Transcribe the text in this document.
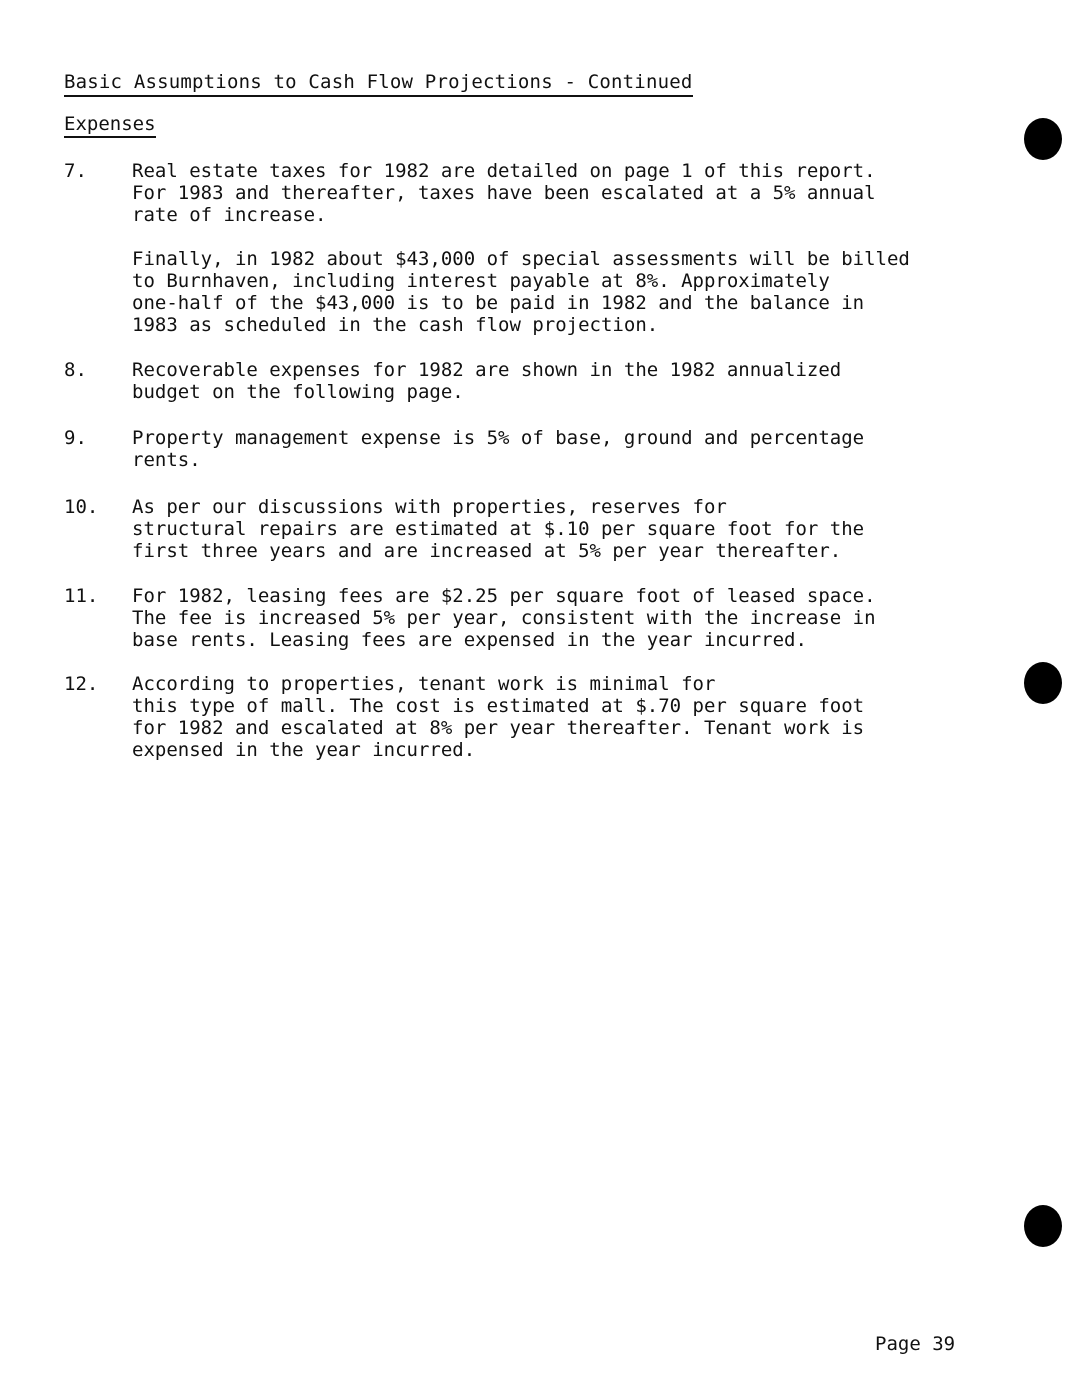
Basic Assumptions to Cash Flow Projections - Continued
Expenses
7. Real estate taxes for 1982 are detailed on page 1 of this report.
For 1983 and thereafter, taxes have been escalated at a 5% annual
rate of increase.
Finally, in 1982 about $43,000 of special assessments will be billed
to Burnhaven, including interest payable at 8%. Approximately
one-half of the $43,000 is to be paid in 1982 and the balance in
1983 as scheduled in the cash flow projection.
8. Recoverable expenses for 1982 are shown in the 1982 annualized
budget on the following page.
9. Property management expense is 5% of base, ground and percentage
rents.
10. As per our discussions with properties, reserves for
structural repairs are estimated at $.10 per square foot for the
first three years and are increased at 5% per year thereafter.
11. For 1982, leasing fees are $2.25 per square foot of leased space.
The fee is increased 5% per year, consistent with the increase in
base rents. Leasing fees are expensed in the year incurred.
12. According to properties, tenant work is minimal for
this type of mall. The cost is estimated at $.70 per square foot
for 1982 and escalated at 8% per year thereafter. Tenant work is
expensed in the year incurred.
Page 39
